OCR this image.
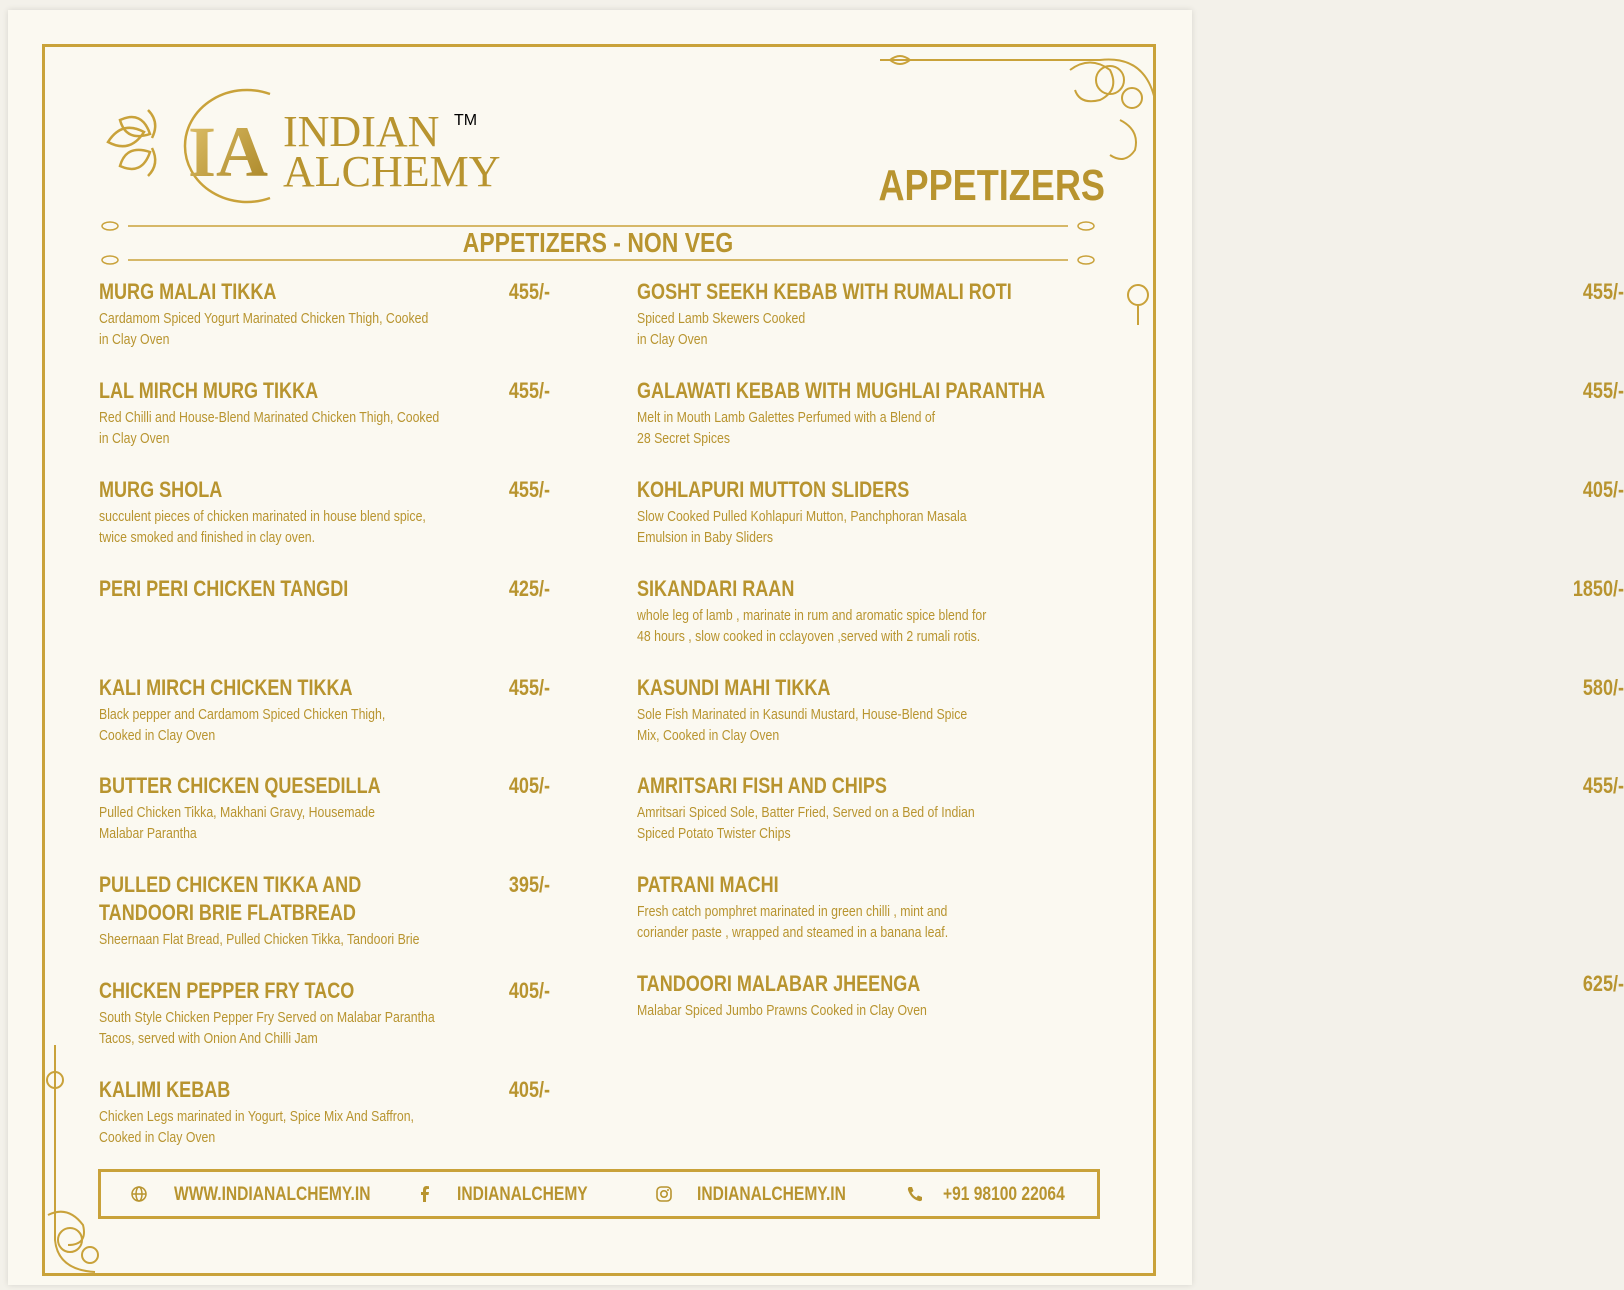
IA INDIAN
ALCHEMY
TM
APPETIZERS
APPETIZERS - NON VEG
MURG MALAI TIKKA	455/-
Cardamom Spiced Yogurt Marinated Chicken Thigh, Cooked
in Clay Oven
LAL MIRCH MURG TIKKA	455/-
Red Chilli and House-Blend Marinated Chicken Thigh, Cooked
in Clay Oven
MURG SHOLA	455/-
succulent pieces of chicken marinated in house blend spice,
twice smoked and finished in clay oven.
PERI PERI CHICKEN TANGDI	425/-
KALI MIRCH CHICKEN TIKKA	455/-
Black pepper and Cardamom Spiced Chicken Thigh,
Cooked in Clay Oven
BUTTER CHICKEN QUESEDILLA	405/-
Pulled Chicken Tikka, Makhani Gravy, Housemade
Malabar Parantha
PULLED CHICKEN TIKKA AND
TANDOORI BRIE FLATBREAD
395/-
Sheernaan Flat Bread, Pulled Chicken Tikka, Tandoori Brie
CHICKEN PEPPER FRY TACO	405/-
South Style Chicken Pepper Fry Served on Malabar Parantha
Tacos, served with Onion And Chilli Jam
KALIMI KEBAB	405/-
Chicken Legs marinated in Yogurt, Spice Mix And Saffron,
Cooked in Clay Oven
GOSHT SEEKH KEBAB WITH RUMALI ROTI	455/-
Spiced Lamb Skewers Cooked
in Clay Oven
GALAWATI KEBAB WITH MUGHLAI PARANTHA	455/-
Melt in Mouth Lamb Galettes Perfumed with a Blend of
28 Secret Spices
KOHLAPURI MUTTON SLIDERS	405/-
Slow Cooked Pulled Kohlapuri Mutton, Panchphoran Masala
Emulsion in Baby Sliders
SIKANDARI RAAN	1850/-
whole leg of lamb , marinate in rum and aromatic spice blend for
48 hours , slow cooked in cclayoven ,served with 2 rumali rotis.
KASUNDI MAHI TIKKA	580/-
Sole Fish Marinated in Kasundi Mustard, House-Blend Spice
Mix, Cooked in Clay Oven
AMRITSARI FISH AND CHIPS	455/-
Amritsari Spiced Sole, Batter Fried, Served on a Bed of Indian
Spiced Potato Twister Chips
PATRANI MACHI
Fresh catch pomphret marinated in green chilli , mint and
coriander paste , wrapped and steamed in a banana leaf.
TANDOORI MALABAR JHEENGA	625/-
Malabar Spiced Jumbo Prawns Cooked in Clay Oven
WWW.INDIANALCHEMY.IN	INDIANALCHEMY	INDIANALCHEMY.IN	+91 98100 22064
